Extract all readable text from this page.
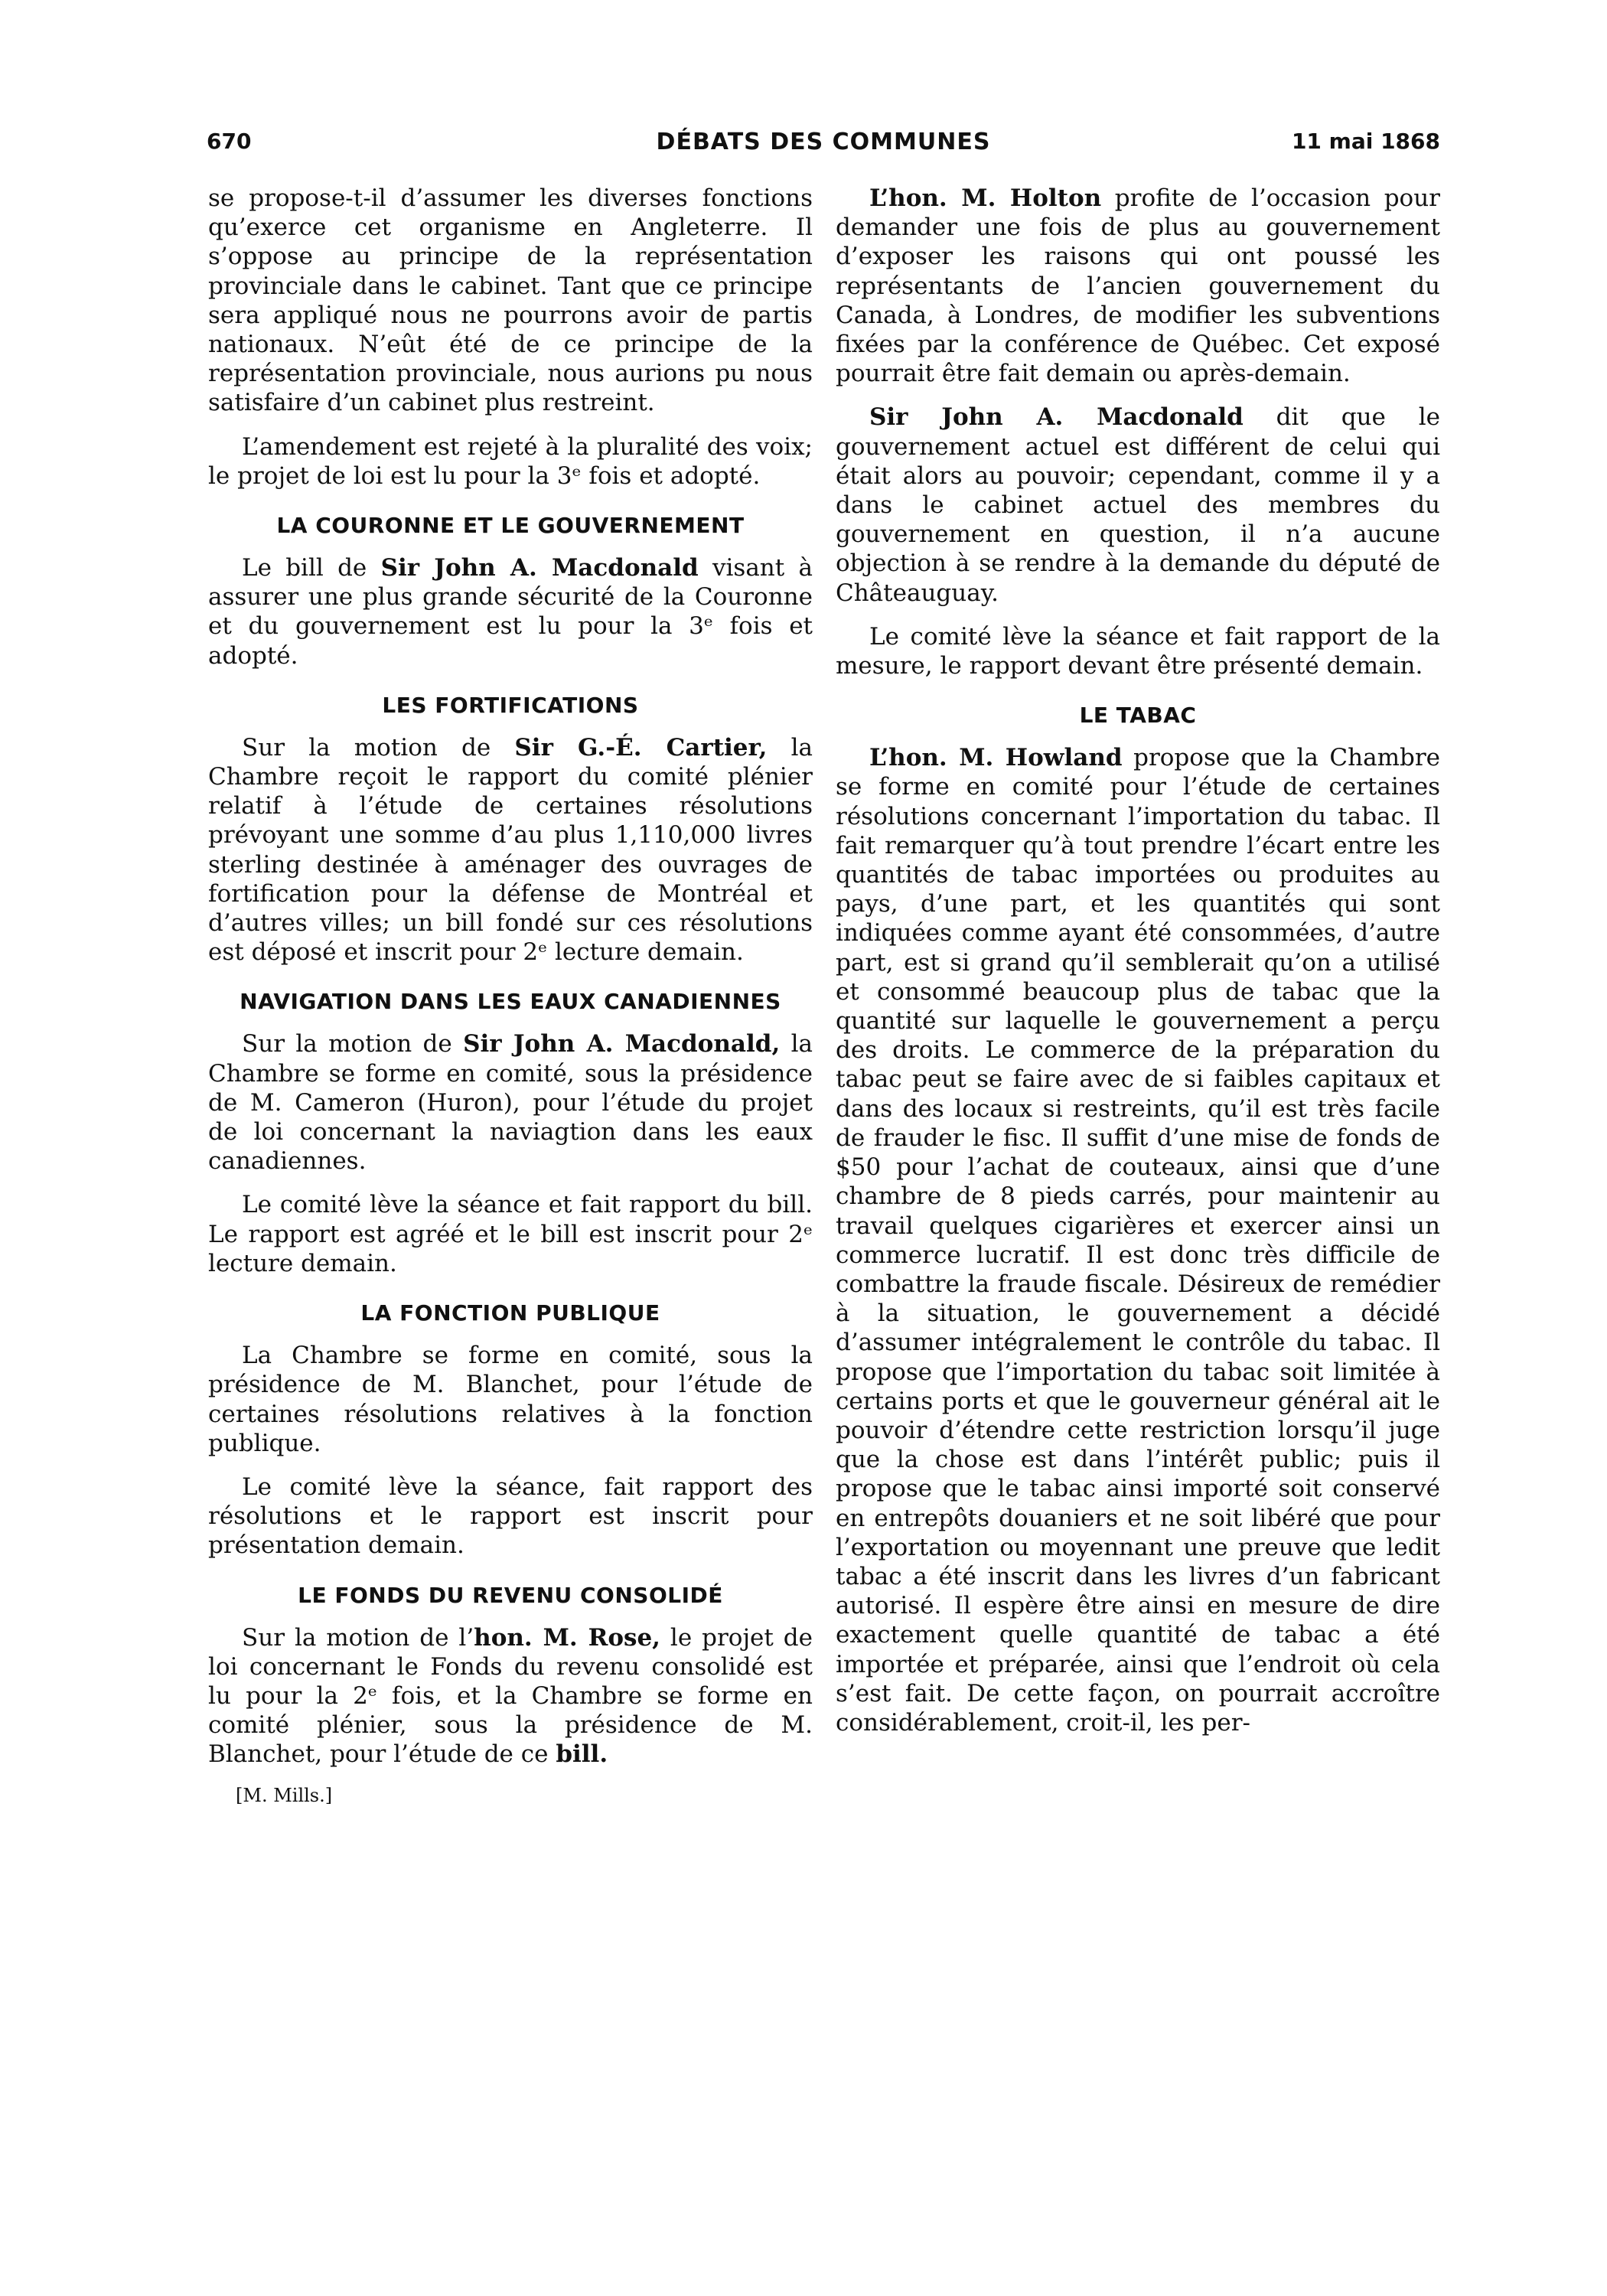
670	DÉBATS DES COMMUNES	11 mai 1868

se propose-t-il d’assumer les diverses fonctions qu’exerce cet organisme en Angleterre. Il s’oppose au principe de la représentation provinciale dans le cabinet. Tant que ce principe sera appliqué nous ne pourrons avoir de partis nationaux. N’eût été de ce principe de la représentation provinciale, nous aurions pu nous satisfaire d’un cabinet plus restreint.

L’amendement est rejeté à la pluralité des voix; le projet de loi est lu pour la 3ᵉ fois et adopté.

LA COURONNE ET LE GOUVERNEMENT

Le bill de Sir John A. Macdonald visant à assurer une plus grande sécurité de la Couronne et du gouvernement est lu pour la 3ᵉ fois et adopté.

LES FORTIFICATIONS

Sur la motion de Sir G.-É. Cartier, la Chambre reçoit le rapport du comité plénier relatif à l’étude de certaines résolutions prévoyant une somme d’au plus 1,110,000 livres sterling destinée à aménager des ouvrages de fortification pour la défense de Montréal et d’autres villes; un bill fondé sur ces résolutions est déposé et inscrit pour 2ᵉ lecture demain.

NAVIGATION DANS LES EAUX CANADIENNES

Sur la motion de Sir John A. Macdonald, la Chambre se forme en comité, sous la présidence de M. Cameron (Huron), pour l’étude du projet de loi concernant la naviagtion dans les eaux canadiennes.

Le comité lève la séance et fait rapport du bill. Le rapport est agréé et le bill est inscrit pour 2ᵉ lecture demain.

LA FONCTION PUBLIQUE

La Chambre se forme en comité, sous la présidence de M. Blanchet, pour l’étude de certaines résolutions relatives à la fonction publique.

Le comité lève la séance, fait rapport des résolutions et le rapport est inscrit pour présentation demain.

LE FONDS DU REVENU CONSOLIDÉ

Sur la motion de l’hon. M. Rose, le projet de loi concernant le Fonds du revenu consolidé est lu pour la 2ᵉ fois, et la Chambre se forme en comité plénier, sous la présidence de M. Blanchet, pour l’étude de ce bill.

[M. Mills.]

L’hon. M. Holton profite de l’occasion pour demander une fois de plus au gouvernement d’exposer les raisons qui ont poussé les représentants de l’ancien gouvernement du Canada, à Londres, de modifier les subventions fixées par la conférence de Québec. Cet exposé pourrait être fait demain ou après-demain.

Sir John A. Macdonald dit que le gouvernement actuel est différent de celui qui était alors au pouvoir; cependant, comme il y a dans le cabinet actuel des membres du gouvernement en question, il n’a aucune objection à se rendre à la demande du député de Châteauguay.

Le comité lève la séance et fait rapport de la mesure, le rapport devant être présenté demain.

LE TABAC

L’hon. M. Howland propose que la Chambre se forme en comité pour l’étude de certaines résolutions concernant l’importation du tabac. Il fait remarquer qu’à tout prendre l’écart entre les quantités de tabac importées ou produites au pays, d’une part, et les quantités qui sont indiquées comme ayant été consommées, d’autre part, est si grand qu’il semblerait qu’on a utilisé et consommé beaucoup plus de tabac que la quantité sur laquelle le gouvernement a perçu des droits. Le commerce de la préparation du tabac peut se faire avec de si faibles capitaux et dans des locaux si restreints, qu’il est très facile de frauder le fisc. Il suffit d’une mise de fonds de $50 pour l’achat de couteaux, ainsi que d’une chambre de 8 pieds carrés, pour maintenir au travail quelques cigarières et exercer ainsi un commerce lucratif. Il est donc très difficile de combattre la fraude fiscale. Désireux de remédier à la situation, le gouvernement a décidé d’assumer intégralement le contrôle du tabac. Il propose que l’importation du tabac soit limitée à certains ports et que le gouverneur général ait le pouvoir d’étendre cette restriction lorsqu’il juge que la chose est dans l’intérêt public; puis il propose que le tabac ainsi importé soit conservé en entrepôts douaniers et ne soit libéré que pour l’exportation ou moyennant une preuve que ledit tabac a été inscrit dans les livres d’un fabricant autorisé. Il espère être ainsi en mesure de dire exactement quelle quantité de tabac a été importée et préparée, ainsi que l’endroit où cela s’est fait. De cette façon, on pourrait accroître considérablement, croit-il, les per-
